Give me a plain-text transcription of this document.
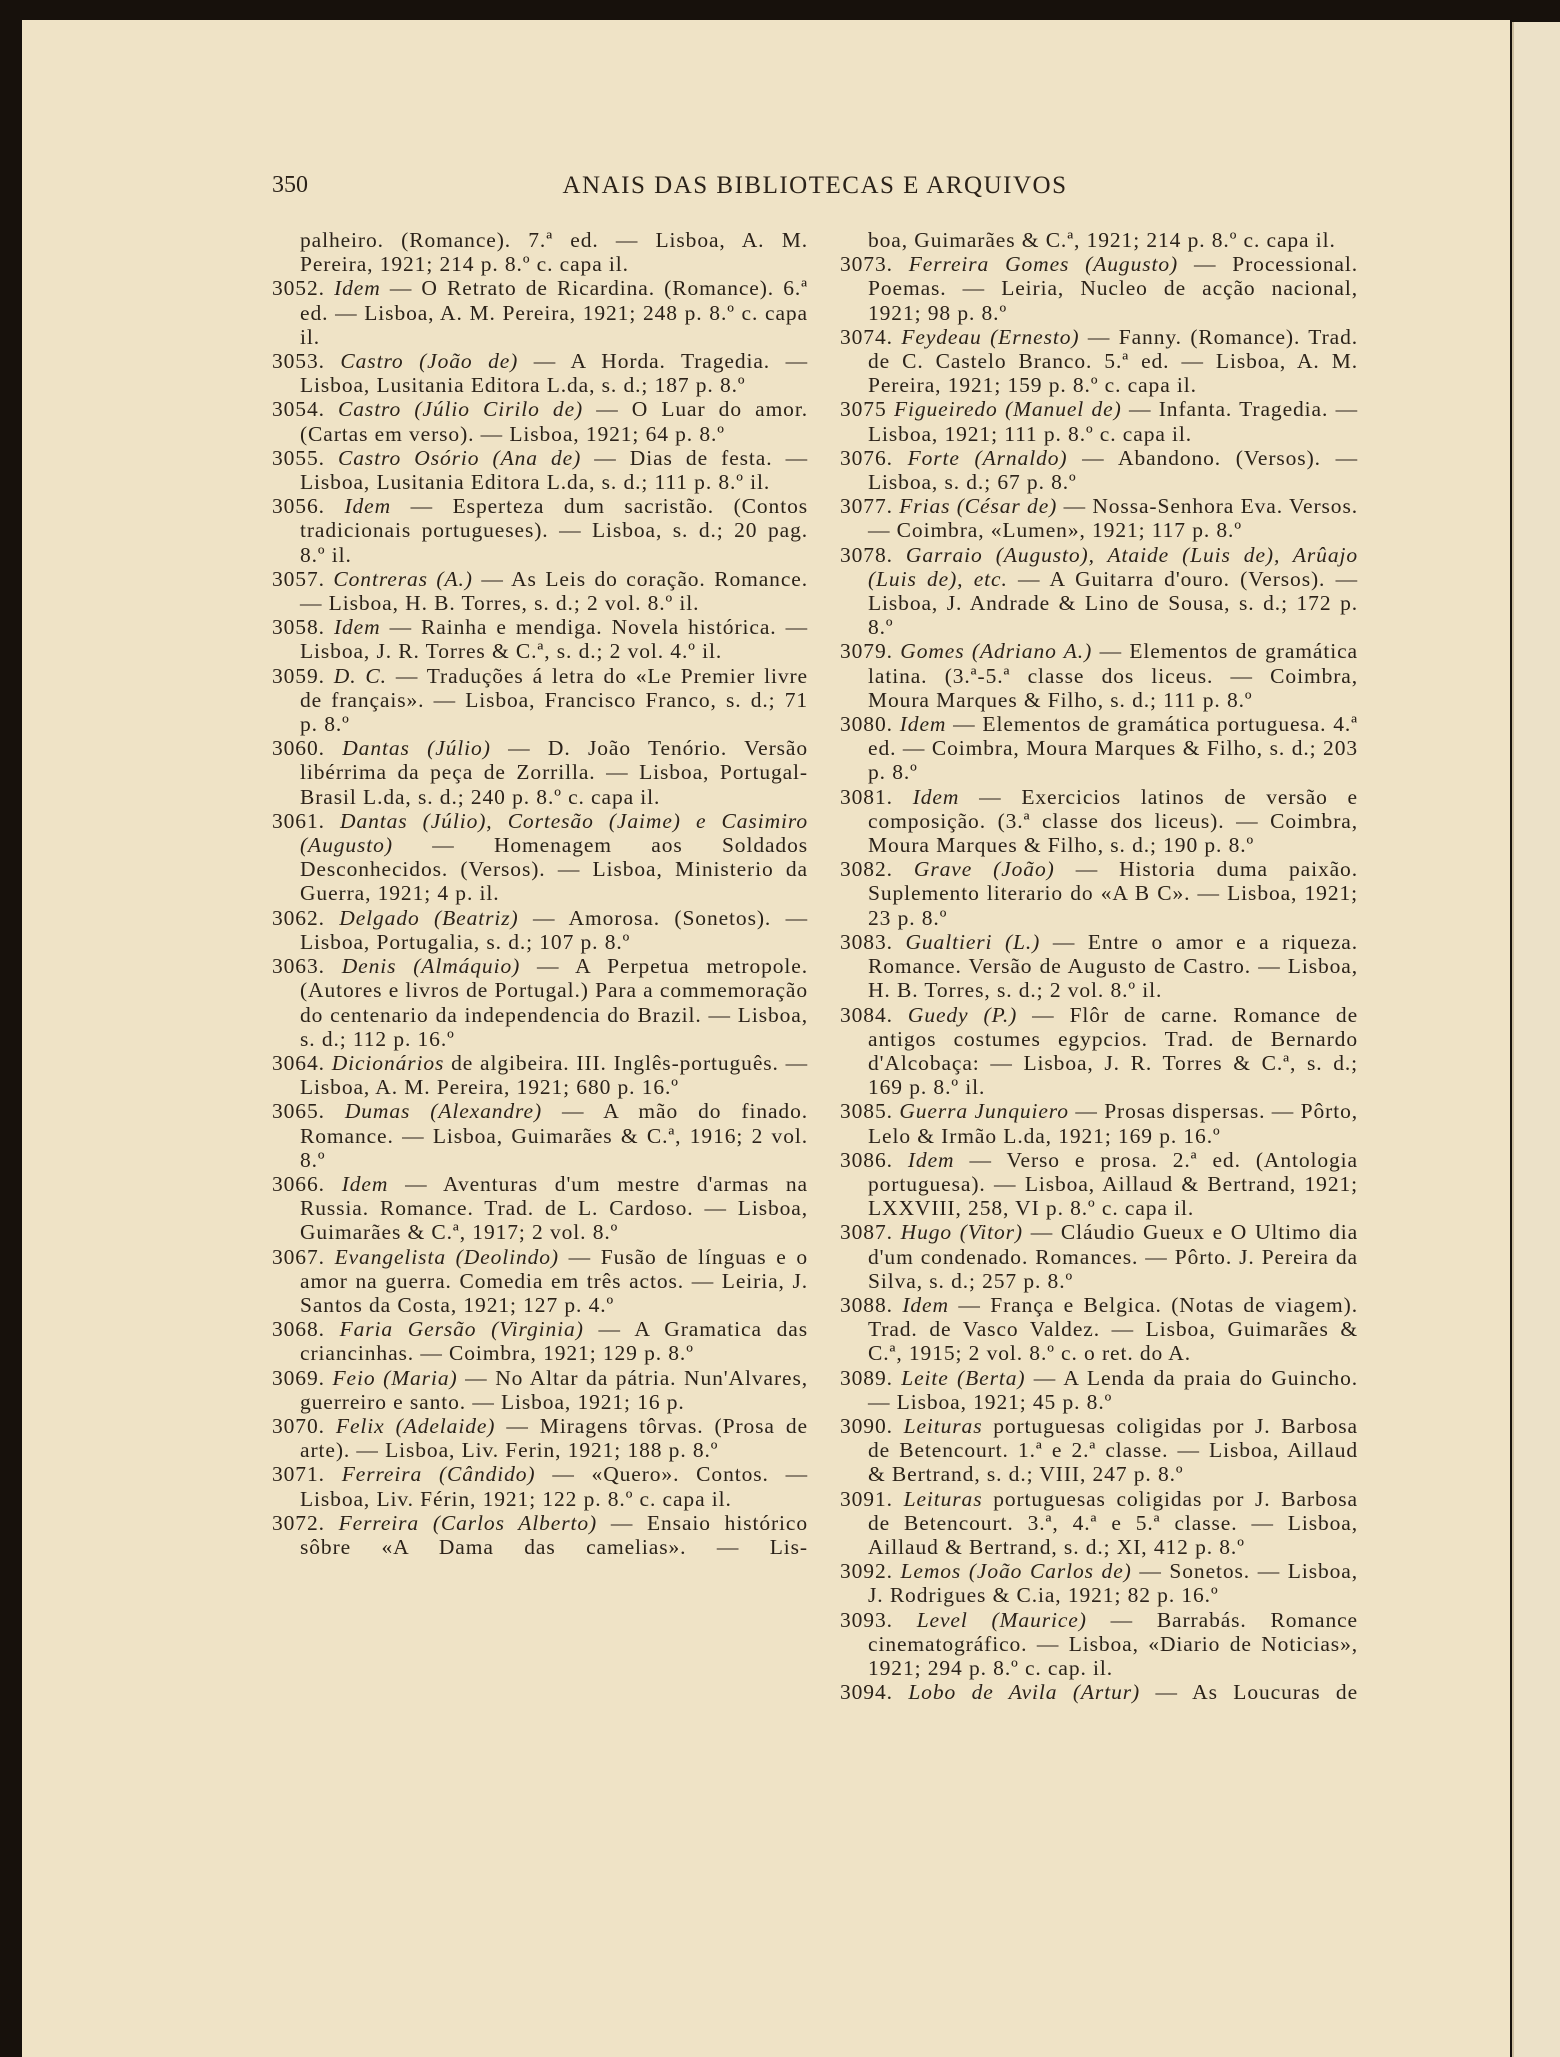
350	ANAIS DAS BIBLIOTECAS E ARQUIVOS

palheiro. (Romance). 7.ª ed. — Lisboa, A. M. Pereira, 1921; 214 p. 8.º c. capa il.

3052. Idem — O Retrato de Ricardina. (Romance). 6.ª ed. — Lisboa, A. M. Pereira, 1921; 248 p. 8.º c. capa il.

3053. Castro (João de) — A Horda. Tragedia. — Lisboa, Lusitania Editora L.da, s. d.; 187 p. 8.º

3054. Castro (Júlio Cirilo de) — O Luar do amor. (Cartas em verso). — Lisboa, 1921; 64 p. 8.º

3055. Castro Osório (Ana de) — Dias de festa. — Lisboa, Lusitania Editora L.da, s. d.; 111 p. 8.º il.

3056. Idem — Esperteza dum sacristão. (Contos tradicionais portugueses). — Lisboa, s. d.; 20 pag. 8.º il.

3057. Contreras (A.) — As Leis do coração. Romance. — Lisboa, H. B. Torres, s. d.; 2 vol. 8.º il.

3058. Idem — Rainha e mendiga. Novela histórica. — Lisboa, J. R. Torres & C.ª, s. d.; 2 vol. 4.º il.

3059. D. C. — Traduções á letra do «Le Premier livre de français». — Lisboa, Francisco Franco, s. d.; 71 p. 8.º

3060. Dantas (Júlio) — D. João Tenório. Versão libérrima da peça de Zorrilla. — Lisboa, Portugal-Brasil L.da, s. d.; 240 p. 8.º c. capa il.

3061. Dantas (Júlio), Cortesão (Jaime) e Casimiro (Augusto) — Homenagem aos Soldados Desconhecidos. (Versos). — Lisboa, Ministerio da Guerra, 1921; 4 p. il.

3062. Delgado (Beatriz) — Amorosa. (Sonetos). — Lisboa, Portugalia, s. d.; 107 p. 8.º

3063. Denis (Almáquio) — A Perpetua metropole. (Autores e livros de Portugal.) Para a commemoração do centenario da independencia do Brazil. — Lisboa, s. d.; 112 p. 16.º

3064. Dicionários de algibeira. III. Inglês-português. — Lisboa, A. M. Pereira, 1921; 680 p. 16.º

3065. Dumas (Alexandre) — A mão do finado. Romance. — Lisboa, Guimarães & C.ª, 1916; 2 vol. 8.º

3066. Idem — Aventuras d'um mestre d'armas na Russia. Romance. Trad. de L. Cardoso. — Lisboa, Guimarães & C.ª, 1917; 2 vol. 8.º

3067. Evangelista (Deolindo) — Fusão de línguas e o amor na guerra. Comedia em três actos. — Leiria, J. Santos da Costa, 1921; 127 p. 4.º

3068. Faria Gersão (Virginia) — A Gramatica das criancinhas. — Coimbra, 1921; 129 p. 8.º

3069. Feio (Maria) — No Altar da pátria. Nun'Alvares, guerreiro e santo. — Lisboa, 1921; 16 p.

3070. Felix (Adelaide) — Miragens tôrvas. (Prosa de arte). — Lisboa, Liv. Ferin, 1921; 188 p. 8.º

3071. Ferreira (Cândido) — «Quero». Contos. — Lisboa, Liv. Férin, 1921; 122 p. 8.º c. capa il.

3072. Ferreira (Carlos Alberto) — Ensaio histórico sôbre «A Dama das camelias». — Lis-

boa, Guimarães & C.ª, 1921; 214 p. 8.º c. capa il.

3073. Ferreira Gomes (Augusto) — Processional. Poemas. — Leiria, Nucleo de acção nacional, 1921; 98 p. 8.º

3074. Feydeau (Ernesto) — Fanny. (Romance). Trad. de C. Castelo Branco. 5.ª ed. — Lisboa, A. M. Pereira, 1921; 159 p. 8.º c. capa il.

3075 Figueiredo (Manuel de) — Infanta. Tragedia. — Lisboa, 1921; 111 p. 8.º c. capa il.

3076. Forte (Arnaldo) — Abandono. (Versos). — Lisboa, s. d.; 67 p. 8.º

3077. Frias (César de) — Nossa-Senhora Eva. Versos. — Coimbra, «Lumen», 1921; 117 p. 8.º

3078. Garraio (Augusto), Ataide (Luis de), Arûajo (Luis de), etc. — A Guitarra d'ouro. (Versos). — Lisboa, J. Andrade & Lino de Sousa, s. d.; 172 p. 8.º

3079. Gomes (Adriano A.) — Elementos de gramática latina. (3.ª-5.ª classe dos liceus. — Coimbra, Moura Marques & Filho, s. d.; 111 p. 8.º

3080. Idem — Elementos de gramática portuguesa. 4.ª ed. — Coimbra, Moura Marques & Filho, s. d.; 203 p. 8.º

3081. Idem — Exercicios latinos de versão e composição. (3.ª classe dos liceus). — Coimbra, Moura Marques & Filho, s. d.; 190 p. 8.º

3082. Grave (João) — Historia duma paixão. Suplemento literario do «A B C». — Lisboa, 1921; 23 p. 8.º

3083. Gualtieri (L.) — Entre o amor e a riqueza. Romance. Versão de Augusto de Castro. — Lisboa, H. B. Torres, s. d.; 2 vol. 8.º il.

3084. Guedy (P.) — Flôr de carne. Romance de antigos costumes egypcios. Trad. de Bernardo d'Alcobaça: — Lisboa, J. R. Torres & C.ª, s. d.; 169 p. 8.º il.

3085. Guerra Junquiero — Prosas dispersas. — Pôrto, Lelo & Irmão L.da, 1921; 169 p. 16.º

3086. Idem — Verso e prosa. 2.ª ed. (Antologia portuguesa). — Lisboa, Aillaud & Bertrand, 1921; LXXVIII, 258, VI p. 8.º c. capa il.

3087. Hugo (Vitor) — Cláudio Gueux e O Ultimo dia d'um condenado. Romances. — Pôrto. J. Pereira da Silva, s. d.; 257 p. 8.º

3088. Idem — França e Belgica. (Notas de viagem). Trad. de Vasco Valdez. — Lisboa, Guimarães & C.ª, 1915; 2 vol. 8.º c. o ret. do A.

3089. Leite (Berta) — A Lenda da praia do Guincho. — Lisboa, 1921; 45 p. 8.º

3090. Leituras portuguesas coligidas por J. Barbosa de Betencourt. 1.ª e 2.ª classe. — Lisboa, Aillaud & Bertrand, s. d.; VIII, 247 p. 8.º

3091. Leituras portuguesas coligidas por J. Barbosa de Betencourt. 3.ª, 4.ª e 5.ª classe. — Lisboa, Aillaud & Bertrand, s. d.; XI, 412 p. 8.º

3092. Lemos (João Carlos de) — Sonetos. — Lisboa, J. Rodrigues & C.ia, 1921; 82 p. 16.º

3093. Level (Maurice) — Barrabás. Romance cinematográfico. — Lisboa, «Diario de Noticias», 1921; 294 p. 8.º c. cap. il.

3094. Lobo de Avila (Artur) — As Loucuras de
